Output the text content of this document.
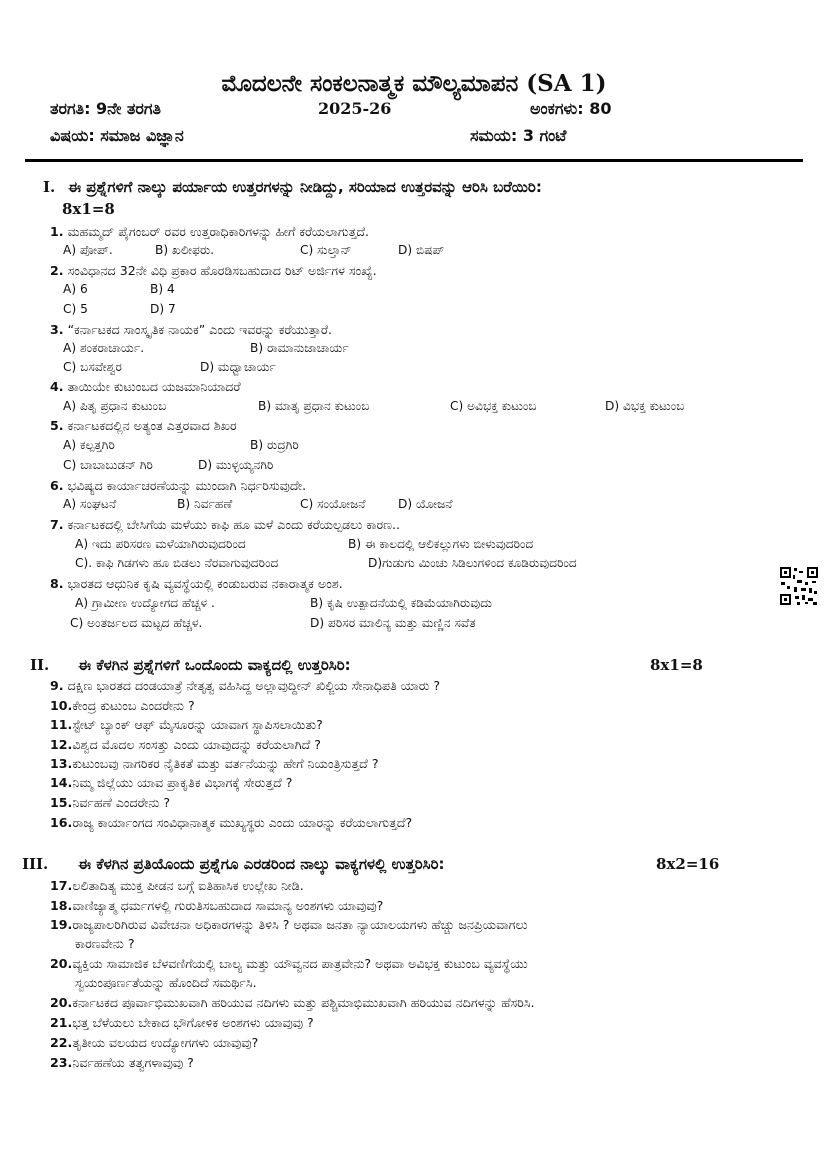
ಮೊದಲನೇ ಸಂಕಲನಾತ್ಮಕ ಮೌಲ್ಯಮಾಪನ (SA 1)
ತರಗತಿ: 9ನೇ ತರಗತಿ	2025-26	ಅಂಕಗಳು: 80
ವಿಷಯ: ಸಮಾಜ ವಿಜ್ಞಾನ	ಸಮಯ: 3 ಗಂಟೆ
I. ಈ ಪ್ರಶ್ನೆಗಳಿಗೆ ನಾಲ್ಕು ಪರ್ಯಾಯ ಉತ್ತರಗಳನ್ನು ನೀಡಿದ್ದು, ಸರಿಯಾದ ಉತ್ತರವನ್ನು ಆರಿಸಿ ಬರೆಯಿರಿ:
8x1=8
1. ಮಹಮ್ಮದ್ ಪೈಗಂಬರ್ ರವರ ಉತ್ತರಾಧಿಕಾರಿಗಳನ್ನು ಹೀಗೆ ಕರೆಯಲಾಗುತ್ತದೆ.
A) ಪೋಪ್.	B) ಖಲೀಫರು.	C) ಸುಲ್ತಾನ್	D) ಬಿಷಪ್
2. ಸಂವಿಧಾನದ 32ನೇ ವಿಧಿ ಪ್ರಕಾರ ಹೊರಡಿಸಬಹುದಾದ ರಿಟ್ ಅರ್ಜಿಗಳ ಸಂಖ್ಯೆ.
A) 6	B) 4
C) 5	D) 7
3. “ಕರ್ನಾಟಕದ ಸಾಂಸ್ಕೃತಿಕ ನಾಯಕ” ಎಂದು ಇವರನ್ನು ಕರೆಯುತ್ತಾರೆ.
A) ಶಂಕರಾಚಾರ್ಯ.	B) ರಾಮಾನುಜಾಚಾರ್ಯ
C) ಬಸವೇಶ್ವರ	D) ಮಧ್ವಾಚಾರ್ಯ
4. ತಾಯಿಯೇ ಕುಟುಂಬದ ಯಜಮಾನಿಯಾದರೆ
A) ಪಿತೃ ಪ್ರಧಾನ ಕುಟುಂಬ	B) ಮಾತೃ ಪ್ರಧಾನ ಕುಟುಂಬ	C) ಅವಿಭಕ್ತ ಕುಟುಂಬ	D) ವಿಭಕ್ತ ಕುಟುಂಬ
5. ಕರ್ನಾಟಕದಲ್ಲಿನ ಅತ್ಯಂತ ಎತ್ತರವಾದ ಶಿಖರ
A) ಕಲ್ಪತ್ತಗಿರಿ	B) ರುದ್ರಗಿರಿ
C) ಬಾಬಾಬುಡನ್ ಗಿರಿ	D) ಮುಳ್ಳಯ್ಯನಗಿರಿ
6. ಭವಿಷ್ಯದ ಕಾರ್ಯಾಚರಣೆಯನ್ನು ಮುಂದಾಗಿ ನಿರ್ಧರಿಸುವುದೇ.
A) ಸಂಘಟನೆ	B) ನಿರ್ವಹಣೆ	C) ಸಂಯೋಜನೆ	D) ಯೋಜನೆ
7. ಕರ್ನಾಟಕದಲ್ಲಿ ಬೇಸಿಗೆಯ ಮಳೆಯು ಕಾಫಿ ಹೂ ಮಳೆ ಎಂದು ಕರೆಯಲ್ಪಡಲು ಕಾರಣ..
A) ಇದು ಪರಿಸರಣ ಮಳೆಯಾಗಿರುವುದರಿಂದ	B) ಈ ಕಾಲದಲ್ಲಿ ಆಲಿಕಲ್ಲುಗಳು ಬೀಳುವುದರಿಂದ
C). ಕಾಫಿ ಗಿಡಗಳು ಹೂ ಬಿಡಲು ನೆರವಾಗುವುದರಿಂದ	D)ಗುಡುಗು ಮಿಂಚು ಸಿಡಿಲುಗಳಿಂದ ಕೂಡಿರುವುದರಿಂದ
8. ಭಾರತದ ಆಧುನಿಕ ಕೃಷಿ ವ್ಯವಸ್ಥೆಯಲ್ಲಿ ಕಂಡುಬರುವ ನಕಾರಾತ್ಮಕ ಅಂಶ.
A) ಗ್ರಾಮೀಣ ಉದ್ಯೋಗದ ಹೆಚ್ಚಳ .	B) ಕೃಷಿ ಉತ್ಪಾದನೆಯಲ್ಲಿ ಕಡಿಮೆಯಾಗಿರುವುದು
C) ಅಂತರ್ಜಲದ ಮಟ್ಟದ ಹೆಚ್ಚಳ.	D) ಪರಿಸರ ಮಾಲಿನ್ಯ ಮತ್ತು ಮಣ್ಣಿನ ಸವೆತ
II. ಈ ಕೆಳಗಿನ ಪ್ರಶ್ನೆಗಳಿಗೆ ಒಂದೊಂದು ವಾಕ್ಯದಲ್ಲಿ ಉತ್ತರಿಸಿರಿ:	8x1=8
9. ದಕ್ಷಿಣ ಭಾರತದ ದಂಡಯಾತ್ರೆ ನೇತೃತ್ವ ವಹಿಸಿದ್ದ ಅಲ್ಲಾವುದ್ದೀನ್ ಖಿಲ್ಜಿಯ ಸೇನಾಧಿಪತಿ ಯಾರು ?
10.ಕೇಂದ್ರ ಕುಟುಂಬ ಎಂದರೇನು ?
11.ಸ್ಟೇಟ್ ಬ್ಯಾಂಕ್ ಆಫ್ ಮೈಸೂರನ್ನು ಯಾವಾಗ ಸ್ಥಾಪಿಸಲಾಯಿತು?
12.ವಿಶ್ವದ ಮೊದಲ ಸಂಸತ್ತು ಎಂದು ಯಾವುದನ್ನು ಕರೆಯಲಾಗಿದೆ ?
13.ಕುಟುಂಬವು ನಾಗರಿಕರ ನೈತಿಕತೆ ಮತ್ತು ವರ್ತನೆಯನ್ನು ಹೇಗೆ ನಿಯಂತ್ರಿಸುತ್ತದೆ ?
14.ನಿಮ್ಮ ಜಿಲ್ಲೆಯು ಯಾವ ಪ್ರಾಕೃತಿಕ ವಿಭಾಗಕ್ಕೆ ಸೇರುತ್ತದೆ ?
15.ನಿರ್ವಹಣೆ ಎಂದರೇನು ?
16.ರಾಜ್ಯ ಕಾರ್ಯಾಂಗದ ಸಂವಿಧಾನಾತ್ಮಕ ಮುಖ್ಯಸ್ಥರು ಎಂದು ಯಾರನ್ನು ಕರೆಯಲಾಗುತ್ತದೆ?
III. ಈ ಕೆಳಗಿನ ಪ್ರತಿಯೊಂದು ಪ್ರಶ್ನೆಗೂ ಎರಡರಿಂದ ನಾಲ್ಕು ವಾಕ್ಯಗಳಲ್ಲಿ ಉತ್ತರಿಸಿರಿ:	8x2=16
17.ಲಲಿತಾದಿತ್ಯ ಮುಕ್ತ ಪೀಡನ ಬಗ್ಗೆ ಐತಿಹಾಸಿಕ ಉಲ್ಲೇಖ ನೀಡಿ.
18.ವಾಣಿಜ್ಯಾತ್ಮ ಧರ್ಮಗಳಲ್ಲಿ ಗುರುತಿಸಬಹುದಾದ ಸಾಮಾನ್ಯ ಅಂಶಗಳು ಯಾವುವು?
19.ರಾಜ್ಯಪಾಲರಿಗಿರುವ ವಿವೇಚನಾ ಅಧಿಕಾರಗಳನ್ನು ತಿಳಿಸಿ ? ಅಥವಾ ಜನತಾ ನ್ಯಾಯಾಲಯಗಳು ಹೆಚ್ಚು ಜನಪ್ರಿಯವಾಗಲು
ಕಾರಣವೇನು ?
20.ವ್ಯಕ್ತಿಯ ಸಾಮಾಜಿಕ ಬೆಳವಣಿಗೆಯಲ್ಲಿ ಬಾಲ್ಯ ಮತ್ತು ಯೌವ್ವನದ ಪಾತ್ರವೇನು? ಅಥವಾ ಅವಿಭಕ್ತ ಕುಟುಂಬ ವ್ಯವಸ್ಥೆಯು
ಸ್ವಯಂಪೂರ್ಣತೆಯನ್ನು ಹೊಂದಿದೆ ಸಮರ್ಥಿಸಿ.
20.ಕರ್ನಾಟಕದ ಪೂರ್ವಾಭಿಮುಖವಾಗಿ ಹರಿಯುವ ನದಿಗಳು ಮತ್ತು ಪಶ್ಚಿಮಾಭಿಮುಖವಾಗಿ ಹರಿಯುವ ನದಿಗಳನ್ನು ಹೆಸರಿಸಿ.
21.ಭತ್ತ ಬೆಳೆಯಲು ಬೇಕಾದ ಭೌಗೋಳಿಕ ಅಂಶಗಳು ಯಾವುವು ?
22.ತೃತೀಯ ವಲಯದ ಉದ್ಯೋಗಗಳು ಯಾವುವು?
23.ನಿರ್ವಹಣೆಯ ತತ್ವಗಳಾವುವು ?
